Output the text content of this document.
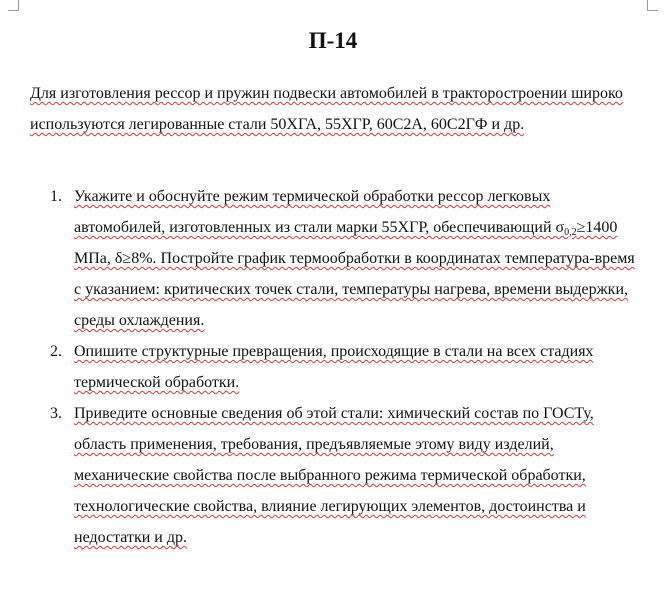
П-14

Для изготовления рессор и пружин подвески автомобилей в тракторостроении широко используются легированные стали 50ХГА, 55ХГР, 60С2А, 60С2ГФ и др.

1. Укажите и обоснуйте режим термической обработки рессор легковых автомобилей, изготовленных из стали марки 55ХГР, обеспечивающий $\sigma_{0,2}\ge 1400$ МПа, δ≥8%. Постройте график термообработки в координатах температура-время с указанием: критических точек стали, температуры нагрева, времени выдержки, среды охлаждения.
2. Опишите структурные превращения, происходящие в стали на всех стадиях термической обработки.
3. Приведите основные сведения об этой стали: химический состав по ГОСТу, область применения, требования, предъявляемые этому виду изделий, механические свойства после выбранного режима термической обработки, технологические свойства, влияние легирующих элементов, достоинства и недостатки и др.
